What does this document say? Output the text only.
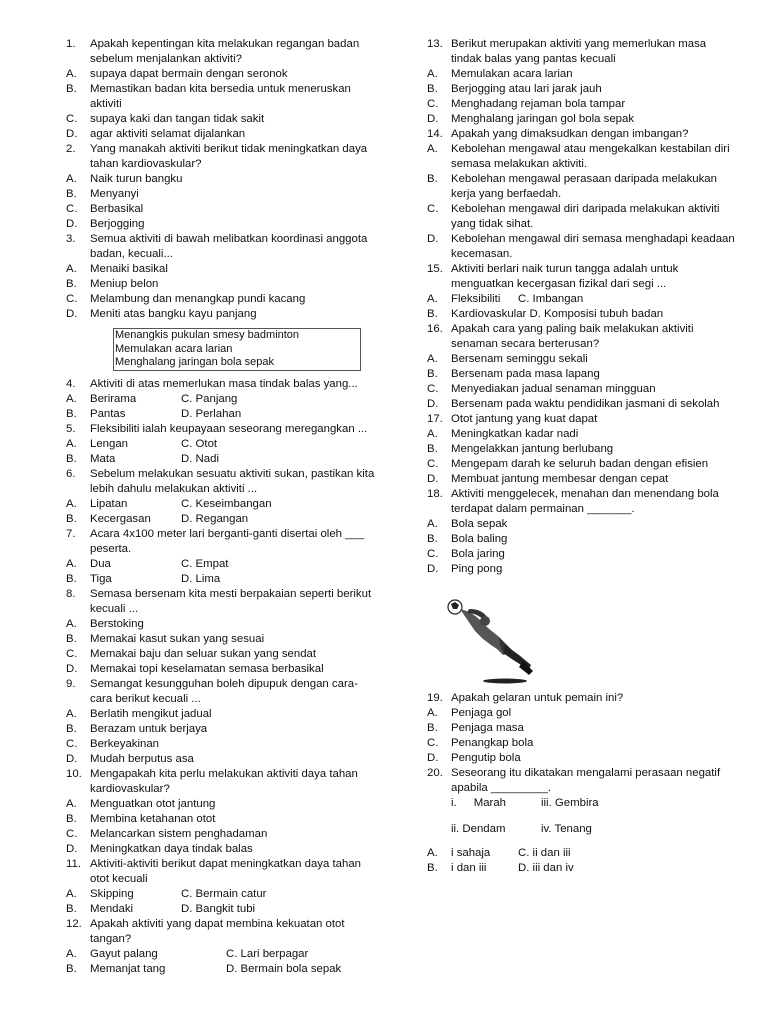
1. Apakah kepentingan kita melakukan regangan badan sebelum menjalankan aktiviti?
A. supaya dapat bermain dengan seronok
B. Memastikan badan kita bersedia untuk meneruskan aktiviti
C. supaya kaki dan tangan tidak sakit
D. agar aktiviti selamat dijalankan
2. Yang manakah aktiviti berikut tidak meningkatkan daya tahan kardiovaskular?
A. Naik turun bangku
B. Menyanyi
C. Berbasikal
D. Berjogging
3. Semua aktiviti di bawah melibatkan koordinasi anggota badan, kecuali...
A. Menaiki basikal
B. Meniup belon
C. Melambung dan menangkap pundi kacang
D. Meniti atas bangku kayu panjang
Menangkis pukulan smesy badminton
Memulakan acara larian
Menghalang jaringan bola sepak
4. Aktiviti di atas memerlukan masa tindak balas yang...
A. Berirama	C. Panjang
B. Pantas	D. Perlahan
5. Fleksibiliti ialah keupayaan seseorang meregangkan ...
A. Lengan	C. Otot
B. Mata	D. Nadi
6. Sebelum melakukan sesuatu aktiviti sukan, pastikan kita lebih dahulu melakukan aktiviti ...
A. Lipatan	C. Keseimbangan
B. Kecergasan	D. Regangan
7. Acara 4x100 meter lari berganti-ganti disertai oleh ___ peserta.
A. Dua	C. Empat
B. Tiga	D. Lima
8. Semasa bersenam kita mesti berpakaian seperti berikut kecuali ...
A. Berstoking
B. Memakai kasut sukan yang sesuai
C. Memakai baju dan seluar sukan yang sendat
D. Memakai topi keselamatan semasa berbasikal
9. Semangat kesungguhan boleh dipupuk dengan cara-cara berikut kecuali ...
A. Berlatih mengikut jadual
B. Berazam untuk berjaya
C. Berkeyakinan
D. Mudah berputus asa
10. Mengapakah kita perlu melakukan aktiviti daya tahan kardiovaskular?
A. Menguatkan otot jantung
B. Membina ketahanan otot
C. Melancarkan sistem penghadaman
D. Meningkatkan daya tindak balas
11. Aktiviti-aktiviti berikut dapat meningkatkan daya tahan otot kecuali
A. Skipping	C. Bermain catur
B. Mendaki	D. Bangkit tubi
12. Apakah aktiviti yang dapat membina kekuatan otot tangan?
A. Gayut palang	C. Lari berpagar
B. Memanjat tang	D. Bermain bola sepak
13. Berikut merupakan aktiviti yang memerlukan masa tindak balas yang pantas kecuali
A. Memulakan acara larian
B. Berjogging atau lari jarak jauh
C. Menghadang rejaman bola tampar
D. Menghalang jaringan gol bola sepak
14. Apakah yang dimaksudkan dengan imbangan?
A. Kebolehan mengawal atau mengekalkan kestabilan diri semasa melakukan aktiviti.
B. Kebolehan mengawal perasaan daripada melakukan kerja yang berfaedah.
C. Kebolehan mengawal diri daripada melakukan aktiviti yang tidak sihat.
D. Kebolehan mengawal diri semasa menghadapi keadaan kecemasan.
15. Aktiviti berlari naik turun tangga adalah untuk menguatkan kecergasan fizikal dari segi ...
A. Fleksibiliti	C. Imbangan
B. Kardiovaskular D. Komposisi tubuh badan
16. Apakah cara yang paling baik melakukan aktiviti senaman secara berterusan?
A. Bersenam seminggu sekali
B. Bersenam pada masa lapang
C. Menyediakan jadual senaman mingguan
D. Bersenam pada waktu pendidikan jasmani di sekolah
17. Otot jantung yang kuat dapat
A. Meningkatkan kadar nadi
B. Mengelakkan jantung berlubang
C. Mengepam darah ke seluruh badan dengan efisien
D. Membuat jantung membesar dengan cepat
18. Aktiviti menggelecek, menahan dan menendang bola terdapat dalam permainan _______.
A. Bola sepak
B. Bola baling
C. Bola jaring
D. Ping pong
19. Apakah gelaran untuk pemain ini?
A. Penjaga gol
B. Penjaga masa
C. Penangkap bola
D. Pengutip bola
20. Seseorang itu dikatakan mengalami perasaan negatif apabila _________.
i. Marah	iii. Gembira
ii. Dendam	iv. Tenang
A. i sahaja	C. ii dan iii
B. i dan iii	D. iii dan iv
